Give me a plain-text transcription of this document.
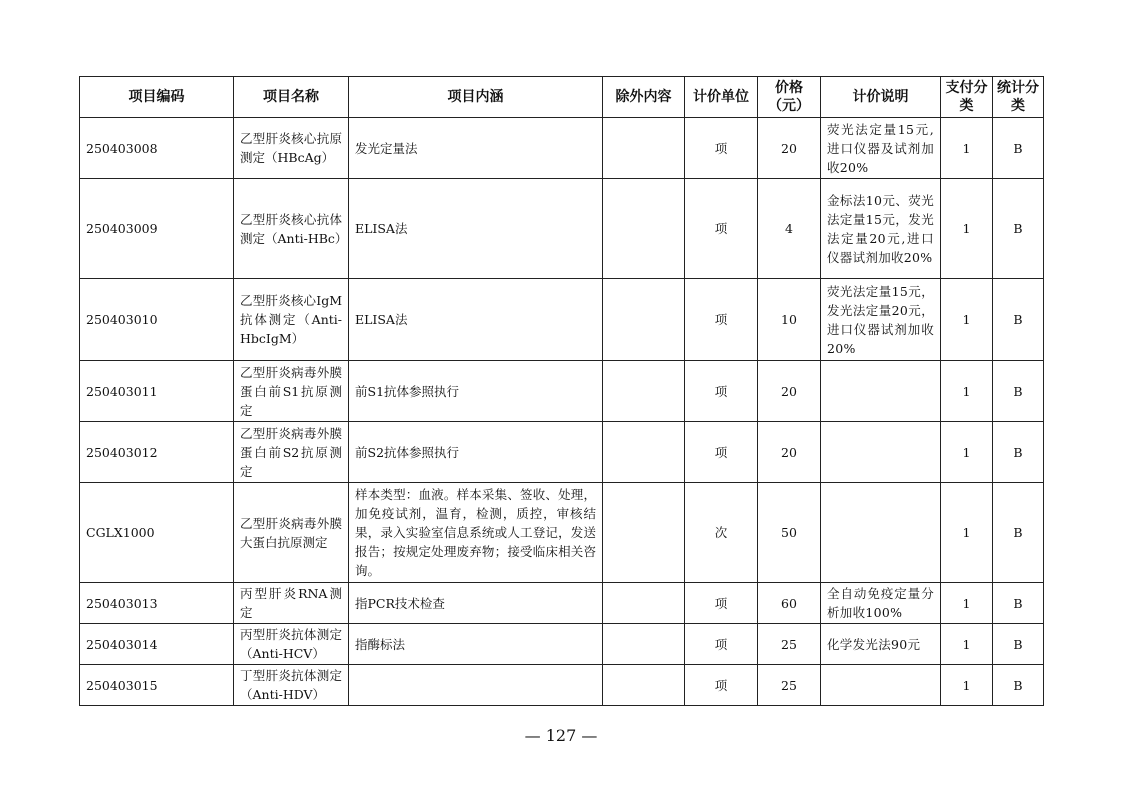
项目编码	项目名称	项目内涵	除外内容	计价单位	价格（元）	计价说明	支付分类	统计分类
250403008	乙型肝炎核心抗原测定（HBcAg）	发光定量法		项	20	荧光法定量15元,进口仪器及试剂加收20%	1	B
250403009	乙型肝炎核心抗体测定（Anti-HBc）	ELISA法		项	4	金标法10元、荧光法定量15元，发光法定量20元,进口仪器试剂加收20%	1	B
250403010	乙型肝炎核心IgM抗体测定（Anti-HbcIgM）	ELISA法		项	10	荧光法定量15元，发光法定量20元，进口仪器试剂加收20%	1	B
250403011	乙型肝炎病毒外膜蛋白前S1抗原测定	前S1抗体参照执行		项	20		1	B
250403012	乙型肝炎病毒外膜蛋白前S2抗原测定	前S2抗体参照执行		项	20		1	B
CGLX1000	乙型肝炎病毒外膜大蛋白抗原测定	样本类型：血液。样本采集、签收、处理，加免疫试剂，温育，检测，质控，审核结果，录入实验室信息系统或人工登记，发送报告；按规定处理废弃物；接受临床相关咨询。		次	50		1	B
250403013	丙型肝炎RNA测定	指PCR技术检查		项	60	全自动免疫定量分析加收100%	1	B
250403014	丙型肝炎抗体测定（Anti-HCV）	指酶标法		项	25	化学发光法90元	1	B
250403015	丁型肝炎抗体测定（Anti-HDV）			项	25		1	B
— 127 —
